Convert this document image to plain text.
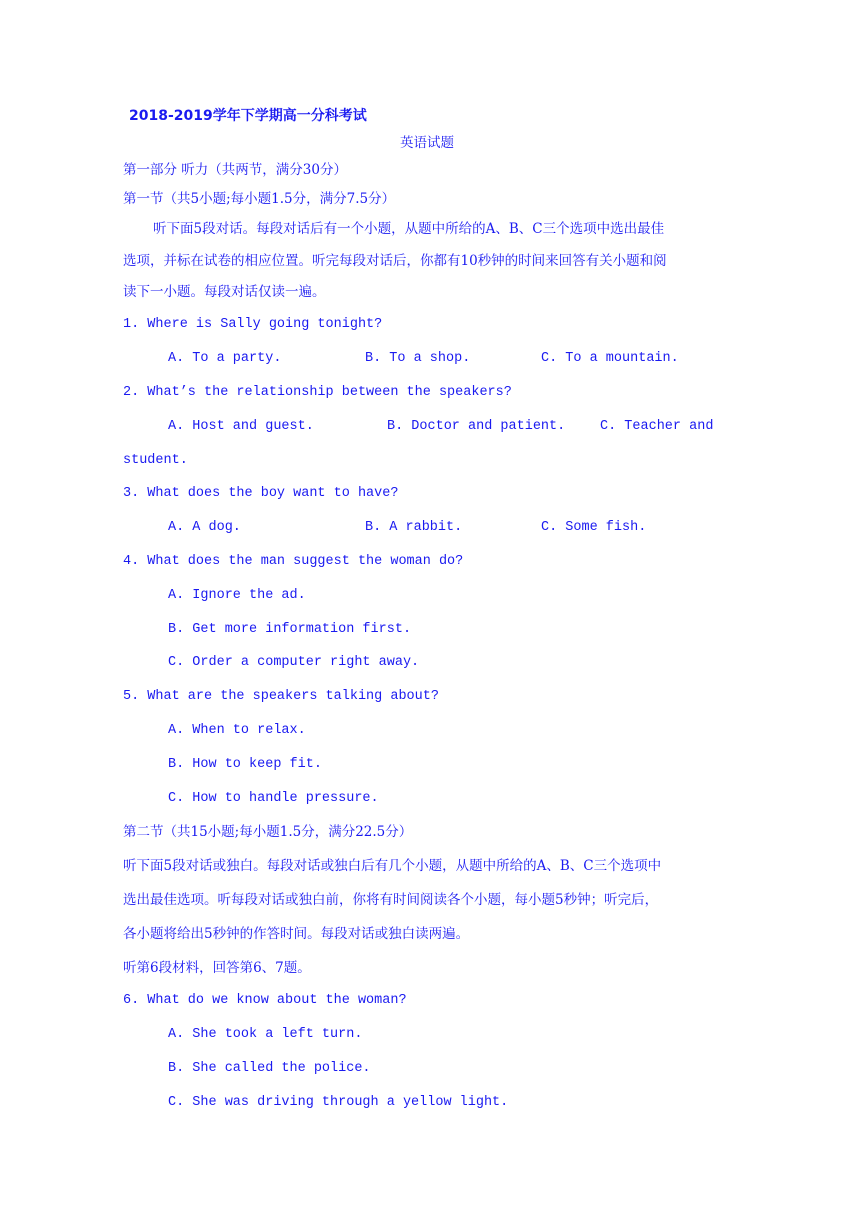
2018-2019学年下学期高一分科考试
英语试题
第一部分 听力（共两节，满分30分）
第一节（共5小题;每小题1.5分，满分7.5分）
听下面5段对话。每段对话后有一个小题，从题中所给的A、B、C三个选项中选出最佳
选项，并标在试卷的相应位置。听完每段对话后，你都有10秒钟的时间来回答有关小题和阅
读下一小题。每段对话仅读一遍。
1. Where is Sally going tonight?
A. To a party.	B. To a shop.	C. To a mountain.
2. What’s the relationship between the speakers?
A. Host and guest.	B. Doctor and patient.	C. Teacher and
student.
3. What does the boy want to have?
A. A dog.	B. A rabbit.	C. Some fish.
4. What does the man suggest the woman do?
A. Ignore the ad.
B. Get more information first.
C. Order a computer right away.
5. What are the speakers talking about?
A. When to relax.
B. How to keep fit.
C. How to handle pressure.
第二节（共15小题;每小题1.5分，满分22.5分）
听下面5段对话或独白。每段对话或独白后有几个小题，从题中所给的A、B、C三个选项中
选出最佳选项。听每段对话或独白前，你将有时间阅读各个小题，每小题5秒钟；听完后，
各小题将给出5秒钟的作答时间。每段对话或独白读两遍。
听第6段材料，回答第6、7题。
6. What do we know about the woman?
A. She took a left turn.
B. She called the police.
C. She was driving through a yellow light.
